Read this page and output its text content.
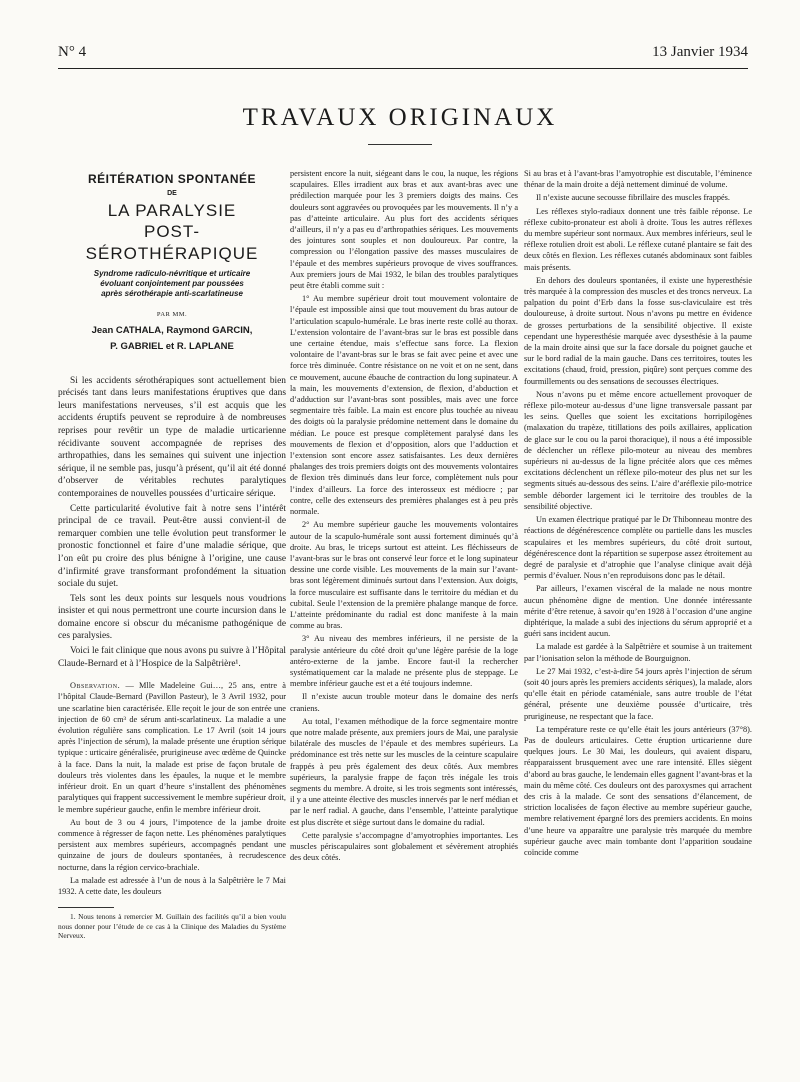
N° 4	13 Janvier 1934
TRAVAUX ORIGINAUX
RÉITÉRATION SPONTANÉE
DE
LA PARALYSIE
POST-SÉROTHÉRAPIQUE
Syndrome radiculo-névritique et urticaire
évoluant conjointement par poussées
après sérothérapie anti-scarlatineuse
PAR MM.
Jean CATHALA, Raymond GARCIN,
P. GABRIEL et R. LAPLANE

Si les accidents sérothérapiques sont actuellement bien précisés tant dans leurs manifestations éruptives que dans leurs manifestations nerveuses, s’il est acquis que les accidents éruptifs peuvent se reproduire à de nombreuses reprises pour revêtir un type de maladie urticarienne récidivante souvent accompagnée de reprises des arthropathies, dans les semaines qui suivent une injection sérique, il ne semble pas, jusqu’à présent, qu’il ait été donné d’observer de véritables rechutes paralytiques contemporaines de nouvelles poussées d’urticaire sérique.

Cette particularité évolutive fait à notre sens l’intérêt principal de ce travail. Peut-être aussi convient-il de remarquer combien une telle évolution peut transformer le pronostic fonctionnel et faire d’une maladie sérique, que l’on eût pu croire des plus bénigne à l’origine, une cause d’infirmité grave transformant profondément la situation sociale du sujet.

Tels sont les deux points sur lesquels nous voudrions insister et qui nous permettront une courte incursion dans le domaine encore si obscur du mécanisme pathogénique de ces paralysies.

Voici le fait clinique que nous avons pu suivre à l’Hôpital Claude-Bernard et à l’Hospice de la Salpêtrière¹.

Observation. — Mlle Madeleine Gui…, 25 ans, entre à l’hôpital Claude-Bernard (Pavillon Pasteur), le 3 Avril 1932, pour une scarlatine bien caractérisée. Elle reçoit le jour de son entrée une injection de 60 cm³ de sérum anti-scarlatineux. La maladie a une évolution régulière sans complication. Le 17 Avril (soit 14 jours après l’injection de sérum), la malade présente une éruption sérique typique : urticaire généralisée, prurigineuse avec œdème de Quincke à la face. Dans la nuit, la malade est prise de façon brutale de douleurs très violentes dans les épaules, la nuque et le membre inférieur droit. En un quart d’heure s’installent des phénomènes paralytiques qui frappent successivement le membre supérieur droit, le membre supérieur gauche, enfin le membre inférieur droit.

Au bout de 3 ou 4 jours, l’impotence de la jambe droite commence à régresser de façon nette. Les phénomènes paralytiques persistent aux membres supérieurs, accompagnés pendant une quinzaine de jours de douleurs spontanées, à recrudescence nocturne, dans la région cervico-brachiale.

La malade est adressée à l’un de nous à la Salpêtrière le 7 Mai 1932. A cette date, les douleurs

1. Nous tenons à remercier M. Guillain des facilités qu’il a bien voulu nous donner pour l’étude de ce cas à la Clinique des Maladies du Système Nerveux.

persistent encore la nuit, siégeant dans le cou, la nuque, les régions scapulaires. Elles irradient aux bras et aux avant-bras avec une prédilection marquée pour les 3 premiers doigts des mains. Ces douleurs sont aggravées ou provoquées par les mouvements. Il n’y a pas d’atteinte articulaire. Au plus fort des accidents sériques d’ailleurs, il n’y a pas eu d’arthropathies sériques. Les mouvements des jointures sont souples et non douloureux. Par contre, la compression ou l’élongation passive des masses musculaires de l’épaule et des membres supérieurs provoque de vives souffrances. Aux premiers jours de Mai 1932, le bilan des troubles paralytiques peut être établi comme suit :

1° Au membre supérieur droit tout mouvement volontaire de l’épaule est impossible ainsi que tout mouvement du bras autour de l’articulation scapulo-humérale. Le bras inerte reste collé au thorax. L’extension volontaire de l’avant-bras sur le bras est possible dans une certaine étendue, mais s’effectue sans force. La flexion volontaire de l’avant-bras sur le bras se fait avec peine et avec une force très diminuée. Contre résistance on ne voit et on ne sent, dans ce mouvement, aucune ébauche de contraction du long supinateur. A la main, les mouvements d’extension, de flexion, d’abduction et d’adduction sur l’avant-bras sont possibles, mais avec une force segmentaire très faible. La main est encore plus touchée au niveau des doigts où la paralysie prédomine nettement dans le domaine du médian. Le pouce est presque complètement paralysé dans les mouvements de flexion et d’opposition, alors que l’adduction et l’extension sont encore assez satisfaisantes. Les deux dernières phalanges des trois premiers doigts ont des mouvements volontaires de flexion très diminués dans leur force, complètement nuls pour l’index d’ailleurs. La force des interosseux est médiocre ; par contre, celle des extenseurs des premières phalanges est à peu près normale.

2° Au membre supérieur gauche les mouvements volontaires autour de la scapulo-humérale sont aussi fortement diminués qu’à droite. Au bras, le triceps surtout est atteint. Les fléchisseurs de l’avant-bras sur le bras ont conservé leur force et le long supinateur dessine une corde visible. Les mouvements de la main sur l’avant-bras sont légèrement diminués surtout dans l’extension. Aux doigts, la force musculaire est suffisante dans le territoire du médian et du cubital. Seule l’extension de la première phalange manque de force. L’atteinte prédominante du radial est donc manifeste à la main comme au bras.

3° Au niveau des membres inférieurs, il ne persiste de la paralysie antérieure du côté droit qu’une légère parésie de la loge antéro-externe de la jambe. Encore faut-il la rechercher systématiquement car la malade ne présente plus de steppage. Le membre inférieur gauche est et a été toujours indemne.

Il n’existe aucun trouble moteur dans le domaine des nerfs craniens.

Au total, l’examen méthodique de la force segmentaire montre que notre malade présente, aux premiers jours de Mai, une paralysie bilatérale des muscles de l’épaule et des membres supérieurs. La prédominance est très nette sur les muscles de la ceinture scapulaire frappés à peu près également des deux côtés. Aux membres supérieurs, la paralysie frappe de façon très inégale les trois segments du membre. A droite, si les trois segments sont intéressés, il y a une atteinte élective des muscles innervés par le nerf médian et par le nerf radial. A gauche, dans l’ensemble, l’atteinte paralytique est plus discrète et siège surtout dans le domaine du radial.

Cette paralysie s’accompagne d’amyotrophies importantes. Les muscles périscapulaires sont globalement et sévèrement atrophiés des deux côtés.

Si au bras et à l’avant-bras l’amyotrophie est discutable, l’éminence thénar de la main droite a déjà nettement diminué de volume.

Il n’existe aucune secousse fibrillaire des muscles frappés.

Les réflexes stylo-radiaux donnent une très faible réponse. Le réflexe cubito-pronateur est aboli à droite. Tous les autres réflexes du membre supérieur sont normaux. Aux membres inférieurs, seul le réflexe rotulien droit est aboli. Le réflexe cutané plantaire se fait des deux côtés en flexion. Les réflexes cutanés abdominaux sont faibles mais présents.

En dehors des douleurs spontanées, il existe une hyperesthésie très marquée à la compression des muscles et des troncs nerveux. La palpation du point d’Erb dans la fosse sus-claviculaire est très douloureuse, à droite surtout. Nous n’avons pu mettre en évidence de grosses perturbations de la sensibilité objective. Il existe cependant une hyperesthésie marquée avec dysesthésie à la paume de la main droite ainsi que sur la face dorsale du poignet gauche et sur le bord radial de la main gauche. Dans ces territoires, toutes les excitations (chaud, froid, pression, piqûre) sont perçues comme des fourmillements ou des sensations de secousses électriques.

Nous n’avons pu et même encore actuellement provoquer de réflexe pilo-moteur au-dessus d’une ligne transversale passant par les seins. Quelles que soient les excitations horripilogènes (malaxation du trapèze, titillations des poils axillaires, application de glace sur le cou ou la paroi thoracique), il nous a été impossible de déclencher un réflexe pilo-moteur au niveau des membres supérieurs ni au-dessus de la ligne précitée alors que ces mêmes excitations déclenchent un réflexe pilo-moteur des plus net sur les segments situés au-dessous des seins. L’aire d’aréflexie pilo-motrice semble déborder largement ici le territoire des troubles de la sensibilité objective.

Un examen électrique pratiqué par le Dr Thibonneau montre des réactions de dégénérescence complète ou partielle dans les muscles scapulaires et les membres supérieurs, du côté droit surtout, dégénérescence dont la répartition se superpose assez étroitement au degré de paralysie et d’atrophie que l’analyse clinique avait déjà permis d’évaluer. Nous n’en reproduisons donc pas le détail.

Par ailleurs, l’examen viscéral de la malade ne nous montre aucun phénomène digne de mention. Une donnée intéressante mérite d’être retenue, à savoir qu’en 1928 à l’occasion d’une angine diphtérique, la malade a subi des injections du sérum approprié et a guéri sans incident aucun.

La malade est gardée à la Salpêtrière et soumise à un traitement par l’ionisation selon la méthode de Bourguignon.

Le 27 Mai 1932, c’est-à-dire 54 jours après l’injection de sérum (soit 40 jours après les premiers accidents sériques), la malade, alors qu’elle était en période cataméniale, sans autre trouble de l’état général, présente une deuxième poussée d’urticaire, très prurigineuse, ne respectant que la face.

La température reste ce qu’elle était les jours antérieurs (37°8). Pas de douleurs articulaires. Cette éruption urticarienne dure quelques jours. Le 30 Mai, les douleurs, qui avaient disparu, réapparaissent brusquement avec une rare intensité. Elles siègent d’abord au bras gauche, le lendemain elles gagnent l’avant-bras et la main du même côté. Ces douleurs ont des paroxysmes qui arrachent des cris à la malade. Ce sont des sensations d’élancement, de striction localisées de façon élective au membre supérieur gauche, membre relativement épargné lors des premiers accidents. En moins d’une heure va apparaître une paralysie très marquée du membre supérieur gauche avec main tombante dont l’apparition soudaine coïncide comme
